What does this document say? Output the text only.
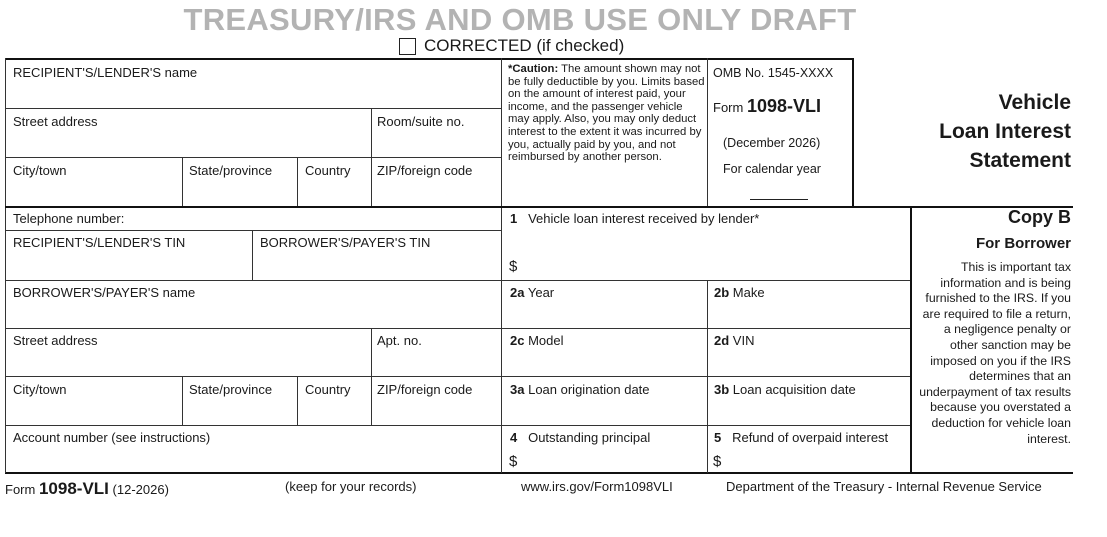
TREASURY/IRS AND OMB USE ONLY DRAFT
CORRECTED (if checked)
RECIPIENT'S/LENDER'S name
Street address	Room/suite no.
City/town	State/province	Country ZIP/foreign code
Telephone number:
RECIPIENT'S/LENDER'S TIN	BORROWER'S/PAYER'S TIN
BORROWER'S/PAYER'S name
Street address	Apt. no.
City/town	State/province	Country ZIP/foreign code
Account number (see instructions)
*Caution: The amount shown may not be fully deductible by you. Limits based on the amount of interest paid, your income, and the passenger vehicle may apply. Also, you may only deduct interest to the extent it was incurred by you, actually paid by you, and not reimbursed by another person.
OMB No. 1545-XXXX
Form 1098-VLI
(December 2026)
For calendar year
Vehicle
Loan Interest
Statement
1 Vehicle loan interest received by lender*
$
2a Year	2b Make
2c Model	2d VIN
3a Loan origination date	3b Loan acquisition date
4 Outstanding principal
$
5 Refund of overpaid interest
$
Copy B
For Borrower
This is important tax information and is being furnished to the IRS. If you are required to file a return, a negligence penalty or other sanction may be imposed on you if the IRS determines that an underpayment of tax results because you overstated a deduction for vehicle loan interest.
Form 1098-VLI (12-2026)	(keep for your records)	www.irs.gov/Form1098VLI	Department of the Treasury - Internal Revenue Service
